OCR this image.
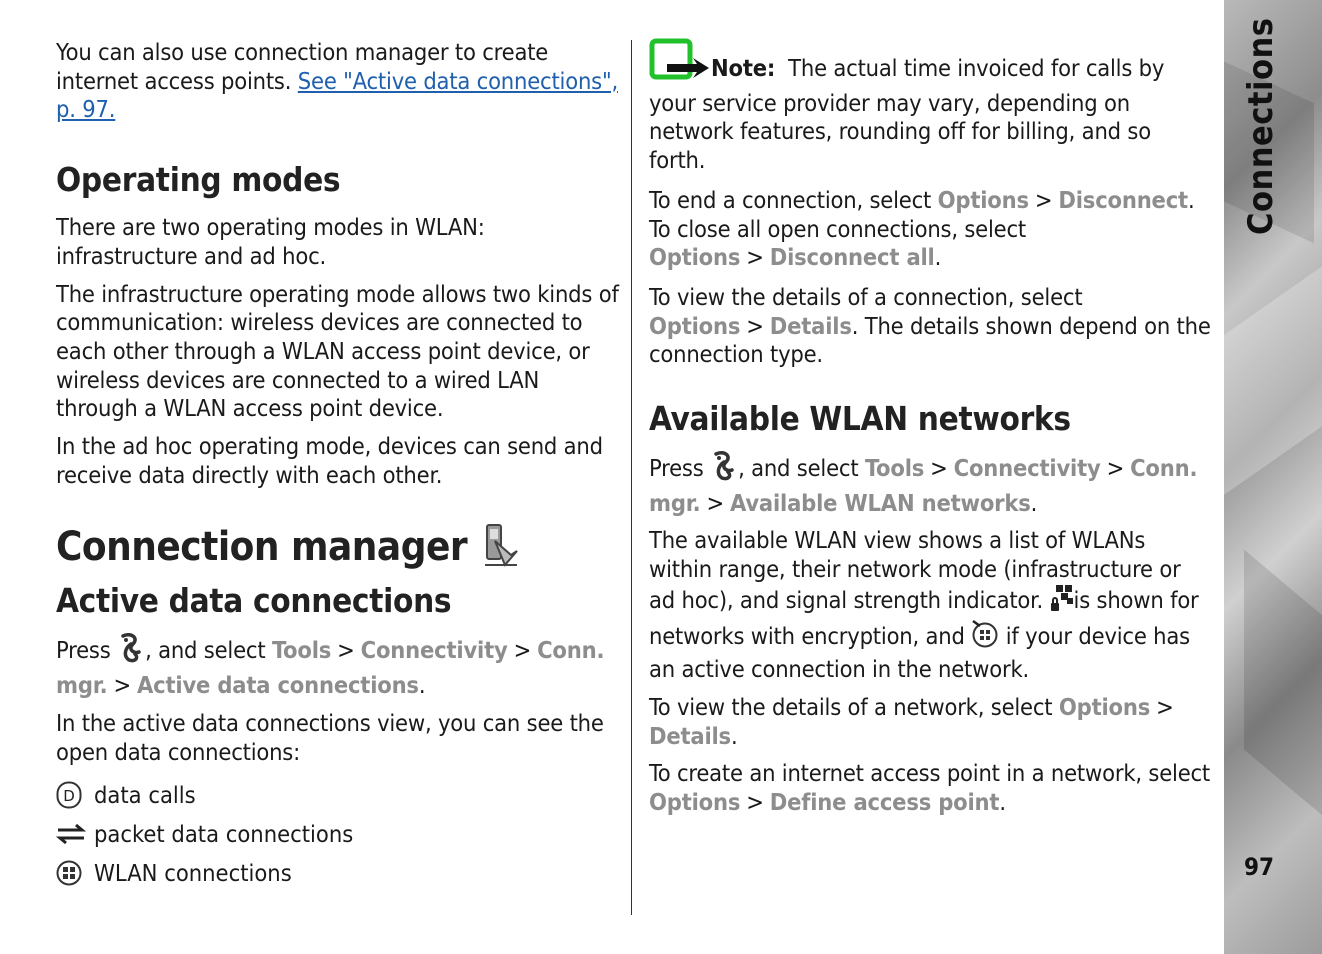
Connections
97

You can also use connection manager to create internet access points. See "Active data connections", p. 97.

Operating modes

There are two operating modes in WLAN: infrastructure and ad hoc.

The infrastructure operating mode allows two kinds of communication: wireless devices are connected to each other through a WLAN access point device, or wireless devices are connected to a wired LAN through a WLAN access point device.

In the ad hoc operating mode, devices can send and receive data directly with each other.

Connection manager
Active data connections

Press , and select Tools > Connectivity > Conn. mgr. > Active data connections.

In the active data connections view, you can see the open data connections:

D data calls
packet data connections
WLAN connections

Note: The actual time invoiced for calls by your service provider may vary, depending on network features, rounding off for billing, and so forth.

To end a connection, select Options > Disconnect. To close all open connections, select Options > Disconnect all.

To view the details of a connection, select Options > Details. The details shown depend on the connection type.

Available WLAN networks

Press , and select Tools > Connectivity > Conn. mgr. > Available WLAN networks.

The available WLAN view shows a list of WLANs within range, their network mode (infrastructure or ad hoc), and signal strength indicator. is shown for networks with encryption, and  if your device has an active connection in the network.

To view the details of a network, select Options >
Details.

To create an internet access point in a network, select Options > Define access point.
